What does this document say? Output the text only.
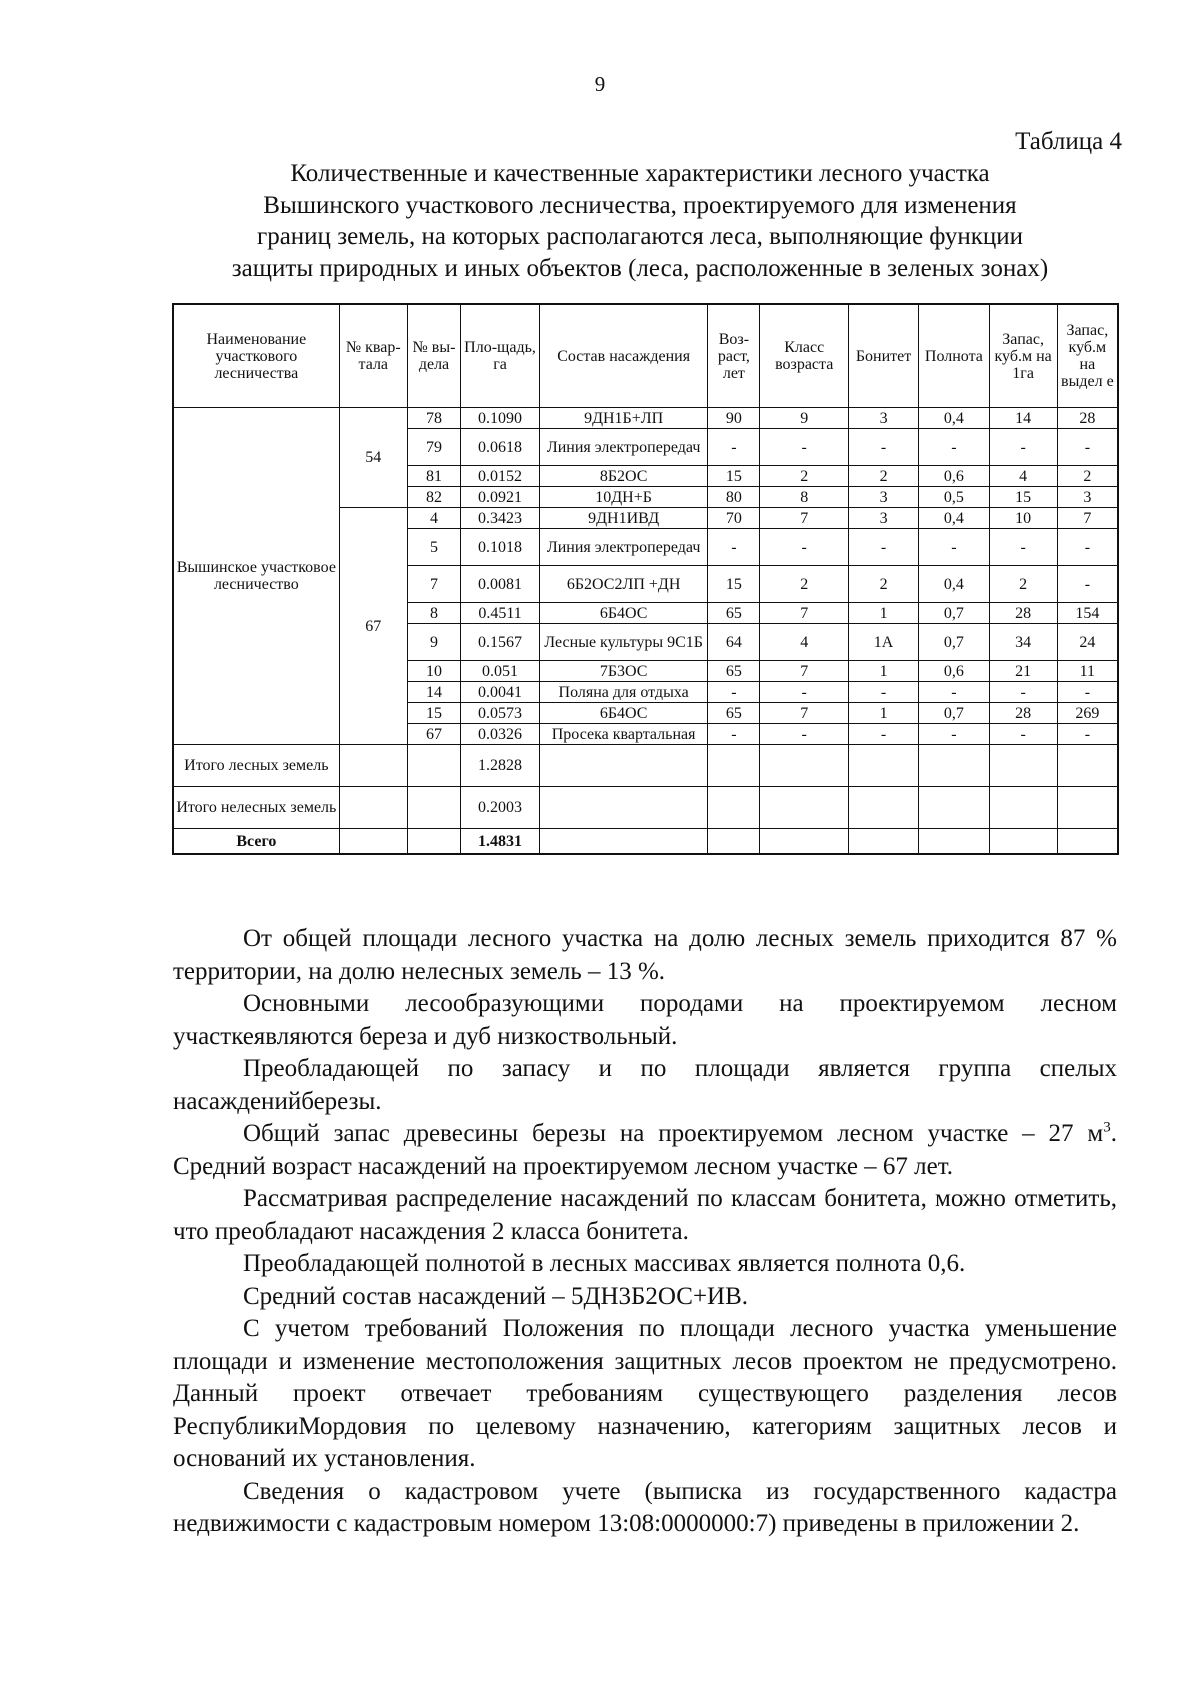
9
Таблица 4
Количественные и качественные характеристики лесного участка
Вышинского участкового лесничества, проектируемого для изменения
границ земель, на которых располагаются леса, выполняющие функции
защиты природных и иных объектов (леса, расположенные в зеленых зонах)
Наименование участкового лесничества	№ квар-тала	№ вы-дела	Пло-щадь, га	Состав насаждения	Воз-раст, лет	Класс возраста	Бонитет	Полнота	Запас, куб.м на 1га	Запас, куб.м на выдел е
Вышинское участковое лесничество	54	78	0.1090	9ДН1Б+ЛП	90	9	3	0,4	14	28
		79	0.0618	Линия электропередач	-	-	-	-	-	-
		81	0.0152	8Б2ОС	15	2	2	0,6	4	2
		82	0.0921	10ДН+Б	80	8	3	0,5	15	3
	67	4	0.3423	9ДН1ИВД	70	7	3	0,4	10	7
		5	0.1018	Линия электропередач	-	-	-	-	-	-
		7	0.0081	6Б2ОС2ЛП +ДН	15	2	2	0,4	2	-
		8	0.4511	6Б4ОС	65	7	1	0,7	28	154
		9	0.1567	Лесные культуры 9С1Б	64	4	1А	0,7	34	24
		10	0.051	7Б3ОС	65	7	1	0,6	21	11
		14	0.0041	Поляна для отдыха	-	-	-	-	-	-
		15	0.0573	6Б4ОС	65	7	1	0,7	28	269
		67	0.0326	Просека квартальная	-	-	-	-	-	-
Итого лесных земель			1.2828							
Итого нелесных земель			0.2003							
Всего			1.4831							

От общей площади лесного участка на долю лесных земель приходится 87 % территории, на долю нелесных земель – 13 %.

Основными лесообразующими породами на проектируемом лесном участкеявляются береза и дуб низкоствольный.

Преобладающей по запасу и по площади является группа спелых насажденийберезы.

Общий запас древесины березы на проектируемом лесном участке – 27 $м^3$. Средний возраст насаждений на проектируемом лесном участке – 67 лет.

Рассматривая распределение насаждений по классам бонитета, можно отметить, что преобладают насаждения 2 класса бонитета.

Преобладающей полнотой в лесных массивах является полнота 0,6.

Средний состав насаждений – 5ДН3Б2ОС+ИВ.

С учетом требований Положения по площади лесного участка уменьшение площади и изменение местоположения защитных лесов проектом не предусмотрено. Данный проект отвечает требованиям существующего разделения лесов РеспубликиМордовия по целевому назначению, категориям защитных лесов и оснований их установления.

Сведения о кадастровом учете (выписка из государственного кадастра недвижимости с кадастровым номером 13:08:0000000:7) приведены в приложении 2.
